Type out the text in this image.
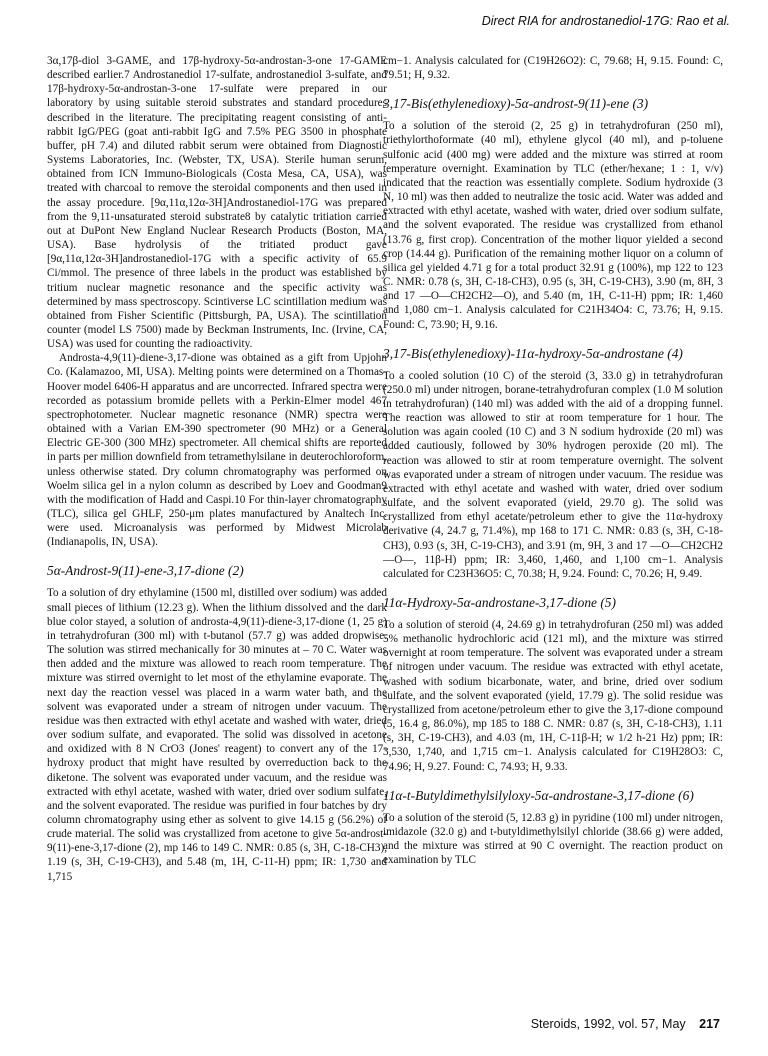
Direct RIA for androstanediol-17G: Rao et al.

3α,17β-diol 3-GAME, and 17β-hydroxy-5α-androstan-3-one 17-GAME described earlier.7 Androstanediol 17-sulfate, androstanediol 3-sulfate, and 17β-hydroxy-5α-androstan-3-one 17-sulfate were prepared in our laboratory by using suitable steroid substrates and standard procedures described in the literature. The precipitating reagent consisting of anti-rabbit IgG/PEG (goat anti-rabbit IgG and 7.5% PEG 3500 in phosphate buffer, pH 7.4) and diluted rabbit serum were obtained from Diagnostic Systems Laboratories, Inc. (Webster, TX, USA). Sterile human serum, obtained from ICN Immuno-Biologicals (Costa Mesa, CA, USA), was treated with charcoal to remove the steroidal components and then used in the assay procedure. [9α,11α,12α-3H]Androstanediol-17G was prepared from the 9,11-unsaturated steroid substrate8 by catalytic tritiation carried out at DuPont New England Nuclear Research Products (Boston, MA, USA). Base hydrolysis of the tritiated product gave [9α,11α,12α-3H]androstanediol-17G with a specific activity of 65.9 Ci/mmol. The presence of three labels in the product was established by tritium nuclear magnetic resonance and the specific activity was determined by mass spectroscopy. Scintiverse LC scintillation medium was obtained from Fisher Scientific (Pittsburgh, PA, USA). The scintillation counter (model LS 7500) made by Beckman Instruments, Inc. (Irvine, CA, USA) was used for counting the radioactivity.

Androsta-4,9(11)-diene-3,17-dione was obtained as a gift from Upjohn Co. (Kalamazoo, MI, USA). Melting points were determined on a Thomas-Hoover model 6406-H apparatus and are uncorrected. Infrared spectra were recorded as potassium bromide pellets with a Perkin-Elmer model 467 spectrophotometer. Nuclear magnetic resonance (NMR) spectra were obtained with a Varian EM-390 spectrometer (90 MHz) or a General Electric GE-300 (300 MHz) spectrometer. All chemical shifts are reported in parts per million downfield from tetramethylsilane in deuterochloroform, unless otherwise stated. Dry column chromatography was performed on Woelm silica gel in a nylon column as described by Loev and Goodman9 with the modification of Hadd and Caspi.10 For thin-layer chromatography (TLC), silica gel GHLF, 250-μm plates manufactured by Analtech Inc. were used. Microanalysis was performed by Midwest Microlab (Indianapolis, IN, USA).

5α-Androst-9(11)-ene-3,17-dione (2)

To a solution of dry ethylamine (1500 ml, distilled over sodium) was added small pieces of lithium (12.23 g). When the lithium dissolved and the dark blue color stayed, a solution of androsta-4,9(11)-diene-3,17-dione (1, 25 g) in tetrahydrofuran (300 ml) with t-butanol (57.7 g) was added dropwise. The solution was stirred mechanically for 30 minutes at – 70 C. Water was then added and the mixture was allowed to reach room temperature. The mixture was stirred overnight to let most of the ethylamine evaporate. The next day the reaction vessel was placed in a warm water bath, and the solvent was evaporated under a stream of nitrogen under vacuum. The residue was then extracted with ethyl acetate and washed with water, dried over sodium sulfate, and evaporated. The solid was dissolved in acetone and oxidized with 8 N CrO3 (Jones' reagent) to convert any of the 17-hydroxy product that might have resulted by overreduction back to the diketone. The solvent was evaporated under vacuum, and the residue was extracted with ethyl acetate, washed with water, dried over sodium sulfate, and the solvent evaporated. The residue was purified in four batches by dry column chromatography using ether as solvent to give 14.15 g (56.2%) of crude material. The solid was crystallized from acetone to give 5α-androst-9(11)-ene-3,17-dione (2), mp 146 to 149 C. NMR: 0.85 (s, 3H, C-18-CH3), 1.19 (s, 3H, C-19-CH3), and 5.48 (m, 1H, C-11-H) ppm; IR: 1,730 and 1,715

cm−1. Analysis calculated for (C19H26O2): C, 79.68; H, 9.15. Found: C, 79.51; H, 9.32.

3,17-Bis(ethylenedioxy)-5α-androst-9(11)-ene (3)

To a solution of the steroid (2, 25 g) in tetrahydrofuran (250 ml), triethylorthoformate (40 ml), ethylene glycol (40 ml), and p-toluene sulfonic acid (400 mg) were added and the mixture was stirred at room temperature overnight. Examination by TLC (ether/hexane; 1 : 1, v/v) indicated that the reaction was essentially complete. Sodium hydroxide (3 N, 10 ml) was then added to neutralize the tosic acid. Water was added and extracted with ethyl acetate, washed with water, dried over sodium sulfate, and the solvent evaporated. The residue was crystallized from ethanol (13.76 g, first crop). Concentration of the mother liquor yielded a second crop (14.44 g). Purification of the remaining mother liquor on a column of silica gel yielded 4.71 g for a total product 32.91 g (100%), mp 122 to 123 C. NMR: 0.78 (s, 3H, C-18-CH3), 0.95 (s, 3H, C-19-CH3), 3.90 (m, 8H, 3 and 17 —O—CH2CH2—O), and 5.40 (m, 1H, C-11-H) ppm; IR: 1,460 and 1,080 cm−1. Analysis calculated for C21H34O4: C, 73.76; H, 9.15. Found: C, 73.90; H, 9.16.

3,17-Bis(ethylenedioxy)-11α-hydroxy-5α-androstane (4)

To a cooled solution (10 C) of the steroid (3, 33.0 g) in tetrahydrofuran (250.0 ml) under nitrogen, borane-tetrahydrofuran complex (1.0 M solution in tetrahydrofuran) (140 ml) was added with the aid of a dropping funnel. The reaction was allowed to stir at room temperature for 1 hour. The solution was again cooled (10 C) and 3 N sodium hydroxide (20 ml) was added cautiously, followed by 30% hydrogen peroxide (20 ml). The reaction was allowed to stir at room temperature overnight. The solvent was evaporated under a stream of nitrogen under vacuum. The residue was extracted with ethyl acetate and washed with water, dried over sodium sulfate, and the solvent evaporated (yield, 29.70 g). The solid was crystallized from ethyl acetate/petroleum ether to give the 11α-hydroxy derivative (4, 24.7 g, 71.4%), mp 168 to 171 C. NMR: 0.83 (s, 3H, C-18-CH3), 0.93 (s, 3H, C-19-CH3), and 3.91 (m, 9H, 3 and 17 —O—CH2CH2—O—, 11β-H) ppm; IR: 3,460, 1,460, and 1,100 cm−1. Analysis calculated for C23H36O5: C, 70.38; H, 9.24. Found: C, 70.26; H, 9.49.

11α-Hydroxy-5α-androstane-3,17-dione (5)

To a solution of steroid (4, 24.69 g) in tetrahydrofuran (250 ml) was added 5% methanolic hydrochloric acid (121 ml), and the mixture was stirred overnight at room temperature. The solvent was evaporated under a stream of nitrogen under vacuum. The residue was extracted with ethyl acetate, washed with sodium bicarbonate, water, and brine, dried over sodium sulfate, and the solvent evaporated (yield, 17.79 g). The solid residue was crystallized from acetone/petroleum ether to give the 3,17-dione compound (5, 16.4 g, 86.0%), mp 185 to 188 C. NMR: 0.87 (s, 3H, C-18-CH3), 1.11 (s, 3H, C-19-CH3), and 4.03 (m, 1H, C-11β-H; w 1/2 h-21 Hz) ppm; IR: 3,530, 1,740, and 1,715 cm−1. Analysis calculated for C19H28O3: C, 74.96; H, 9.27. Found: C, 74.93; H, 9.33.

11α-t-Butyldimethylsilyloxy-5α-androstane-3,17-dione (6)

To a solution of the steroid (5, 12.83 g) in pyridine (100 ml) under nitrogen, imidazole (32.0 g) and t-butyldimethylsilyl chloride (38.66 g) were added, and the mixture was stirred at 90 C overnight. The reaction product on examination by TLC

Steroids, 1992, vol. 57, May 217
